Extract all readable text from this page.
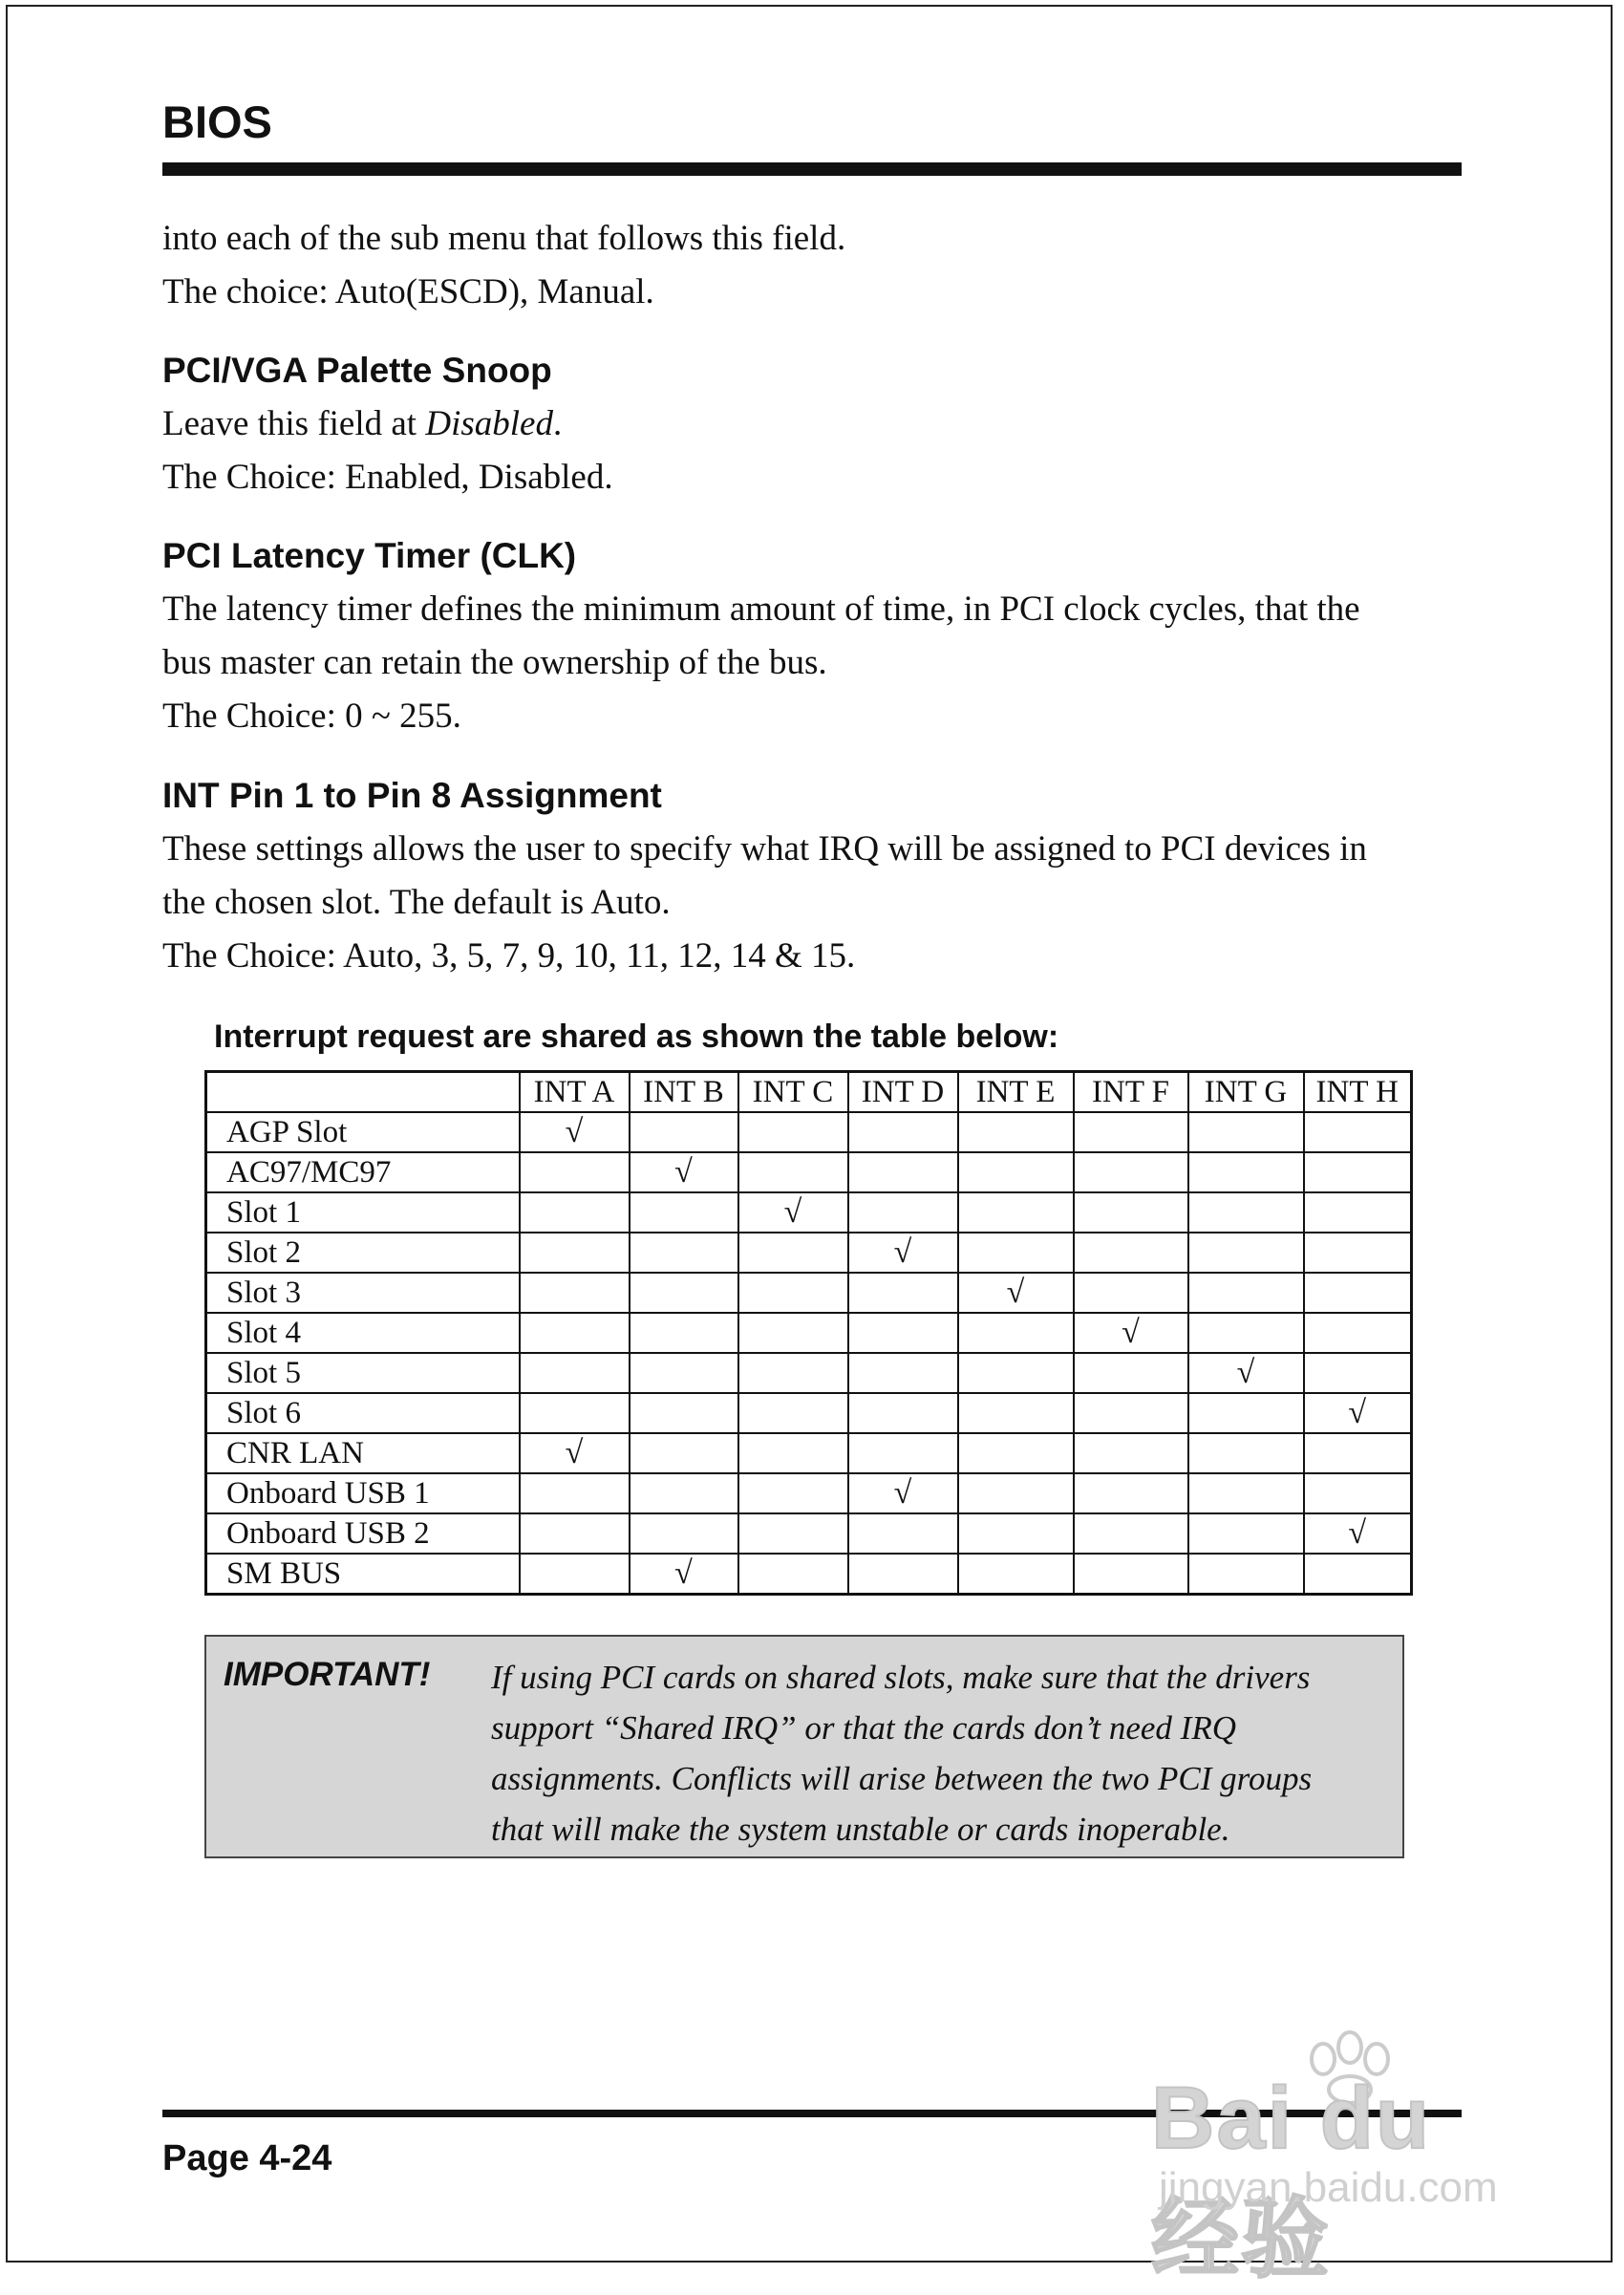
BIOS

into each of the sub menu that follows this field.

The choice: Auto(ESCD), Manual.

PCI/VGA Palette Snoop

Leave this field at Disabled.

The Choice: Enabled, Disabled.

PCI Latency Timer (CLK)

The latency timer defines the minimum amount of time, in PCI clock cycles, that the

bus master can retain the ownership of the bus.

The Choice: 0 ~ 255.

INT Pin 1 to Pin 8 Assignment

These settings allows the user to specify what IRQ will be assigned to PCI devices in

the chosen slot. The default is Auto.

The Choice: Auto, 3, 5, 7, 9, 10, 11, 12, 14 & 15.

Interrupt request are shared as shown the table below:

	INT A	INT B	INT C	INT D	INT E	INT F	INT G	INT H
AGP Slot	√							
AC97/MC97		√						
Slot 1			√					
Slot 2				√				
Slot 3					√			
Slot 4						√		
Slot 5							√	
Slot 6								√
CNR LAN	√							
Onboard USB 1				√				
Onboard USB 2								√
SM BUS		√						
IMPORTANT! If using PCI cards on shared slots, make sure that the drivers
support “Shared IRQ” or that the cards don’t need IRQ
assignments. Conflicts will arise between the two PCI groups
that will make the system unstable or cards inoperable.
Page 4-24	Bai du 经验
jingyan.baidu.com
